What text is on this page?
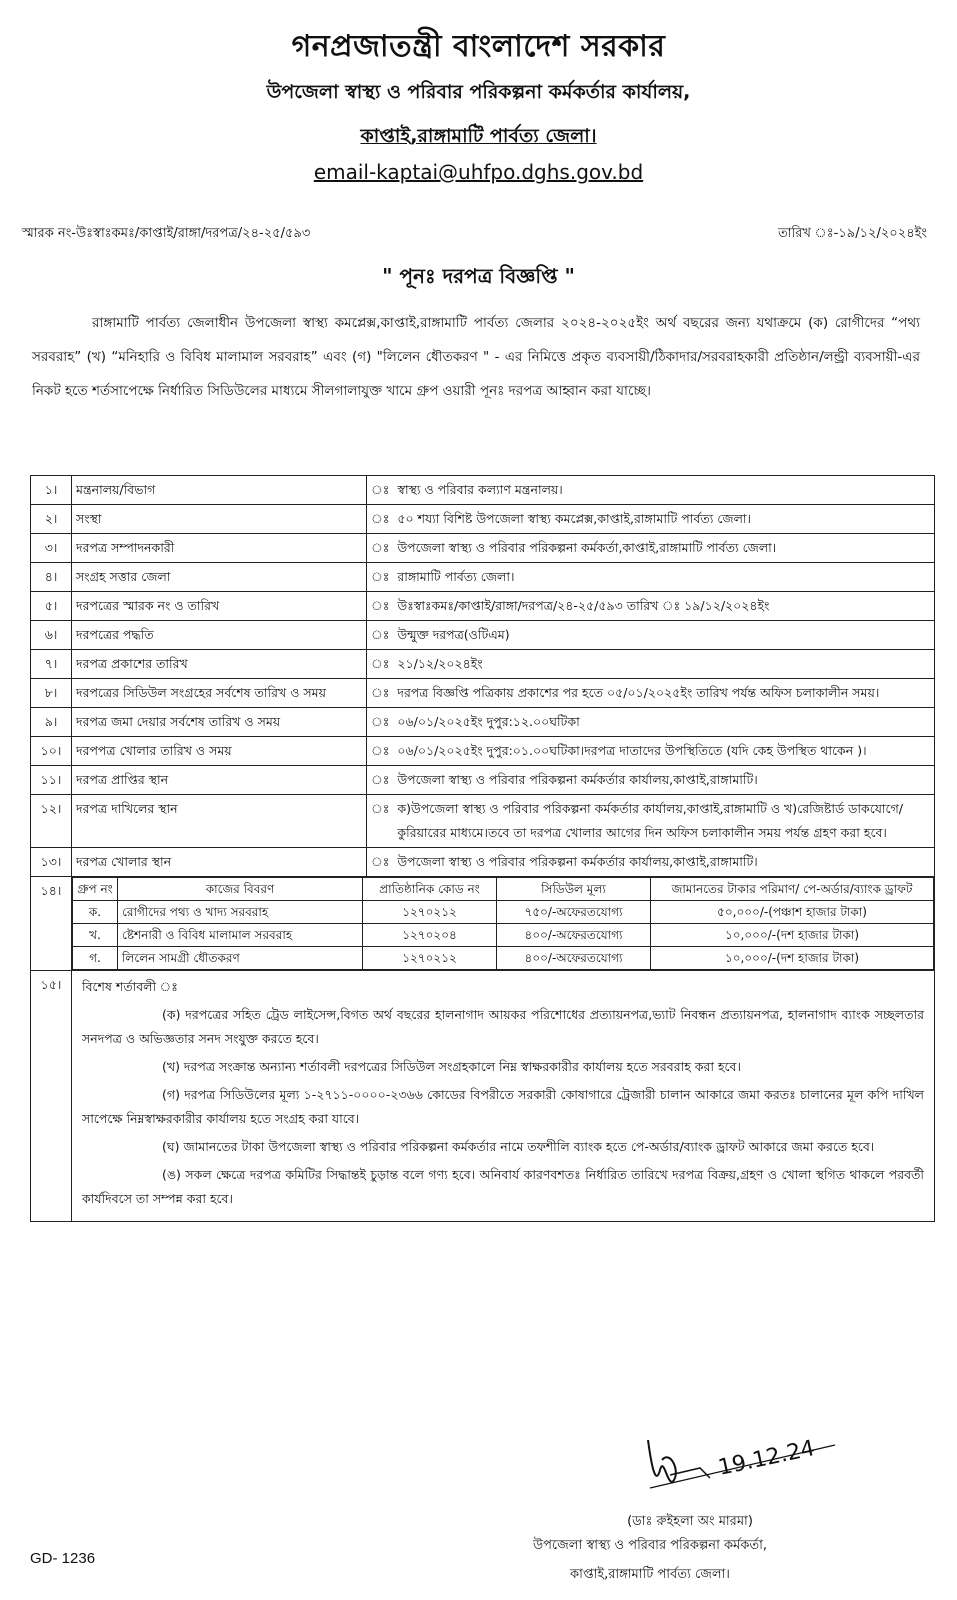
গনপ্রজাতন্ত্রী বাংলাদেশ সরকার
উপজেলা স্বাস্থ্য ও পরিবার পরিকল্পনা কর্মকর্তার কার্যালয়,
কাপ্তাই,রাঙ্গামাটি পার্বত্য জেলা।
email-kaptai@uhfpo.dghs.gov.bd
স্মারক নং-উঃস্বাঃকমঃ/কাপ্তাই/রাঙ্গা/দরপত্র/২৪-২৫/৫৯৩	তারিখ ঃ-১৯/১২/২০২৪ইং
" পূনঃ দরপত্র বিজ্ঞপ্তি "
রাঙ্গামাটি পার্বত্য জেলাধীন উপজেলা স্বাস্থ্য কমপ্লেক্স,কাপ্তাই,রাঙ্গামাটি পার্বত্য জেলার ২০২৪-২০২৫ইং অর্থ বছরের জন্য যথাক্রমে (ক) রোগীদের “পথ্য সরবরাহ” (খ) “মনিহারি ও বিবিধ মালামাল সরবরাহ” এবং (গ) "লিলেন ধৌতকরণ " - এর নিমিত্তে প্রকৃত ব্যবসায়ী/ঠিকাদার/সরবরাহকারী প্রতিষ্ঠান/লন্ড্রী ব্যবসায়ী-এর নিকট হতে শর্তসাপেক্ষে নির্ধারিত সিডিউলের মাধ্যমে সীলগালাযুক্ত খামে গ্রুপ ওয়ারী পূনঃ দরপত্র আহ্বান করা যাচ্ছে।
১।	মন্ত্রনালয়/বিভাগ	ঃ	স্বাস্থ্য ও পরিবার কল্যাণ মন্ত্রনালয়।
২।	সংস্থা	ঃ	৫০ শয্যা বিশিষ্ট উপজেলা স্বাস্থ্য কমপ্লেক্স,কাপ্তাই,রাঙ্গামাটি পার্বত্য জেলা।
৩।	দরপত্র সম্পাদনকারী	ঃ	উপজেলা স্বাস্থ্য ও পরিবার পরিকল্পনা কর্মকর্তা,কাপ্তাই,রাঙ্গামাটি পার্বত্য জেলা।
৪।	সংগ্রহ সত্তার জেলা	ঃ	রাঙ্গামাটি পার্বত্য জেলা।
৫।	দরপত্রের স্মারক নং ও তারিখ	ঃ	উঃস্বাঃকমঃ/কাপ্তাই/রাঙ্গা/দরপত্র/২৪-২৫/৫৯৩ তারিখ ঃ ১৯/১২/২০২৪ইং
৬।	দরপত্রের পদ্ধতি	ঃ	উন্মুক্ত দরপত্র(ওটিএম)
৭।	দরপত্র প্রকাশের তারিখ	ঃ	২১/১২/২০২৪ইং
৮।	দরপত্রের সিডিউল সংগ্রহের সর্বশেষ তারিখ ও সময়	ঃ	দরপত্র বিজ্ঞপ্তি পত্রিকায় প্রকাশের পর হতে ০৫/০১/২০২৫ইং তারিখ পর্যন্ত অফিস চলাকালীন সময়।
৯।	দরপত্র জমা দেয়ার সর্বশেষ তারিখ ও সময়	ঃ	০৬/০১/২০২৫ইং দুপুর:১২.০০ঘটিকা
১০।	দরপপত্র খোলার তারিখ ও সময়	ঃ	০৬/০১/২০২৫ইং দুপুর:০১.০০ঘটিকা।দরপত্র দাতাদের উপস্থিতিতে (যদি কেহ উপস্থিত থাকেন )।
১১।	দরপত্র প্রাপ্তির স্থান	ঃ	উপজেলা স্বাস্থ্য ও পরিবার পরিকল্পনা কর্মকর্তার কার্যালয়,কাপ্তাই,রাঙ্গামাটি।
১২।	দরপত্র দাখিলের স্থান	ঃ	ক)উপজেলা স্বাস্থ্য ও পরিবার পরিকল্পনা কর্মকর্তার কার্যালয়,কাপ্তাই,রাঙ্গামাটি ও খ)রেজিষ্টার্ড ডাকযোগে/কুরিয়ারের মাধ্যমে।তবে তা দরপত্র খোলার আগের দিন অফিস চলাকালীন সময় পর্যন্ত গ্রহণ করা হবে।
১৩।	দরপত্র খোলার স্থান	ঃ	উপজেলা স্বাস্থ্য ও পরিবার পরিকল্পনা কর্মকর্তার কার্যালয়,কাপ্তাই,রাঙ্গামাটি।
১৪।	গ্রুপ নং	কাজের বিবরণ	প্রাতিষ্ঠানিক কোড নং	সিডিউল মূল্য	জামানতের টাকার পরিমাণ/ পে-অর্ডার/ব্যাংক ড্রাফট
ক.	রোগীদের পথ্য ও খাদ্য সরবরাহ	১২৭০২১২	৭৫০/-অফেরতযোগ্য	৫০,০০০/-(পঞ্চাশ হাজার টাকা)
খ.	ষ্টেশনারী ও বিবিধ মালামাল সরবরাহ	১২৭০২০৪	৪০০/-অফেরতযোগ্য	১০,০০০/-(দশ হাজার টাকা)
গ.	লিলেন সামগ্রী ধৌতকরণ	১২৭০২১২	৪০০/-অফেরতযোগ্য	১০,০০০/-(দশ হাজার টাকা)

১৫।	বিশেষ শর্তাবলী ঃ

(ক) দরপত্রের সহিত ট্রেড লাইসেন্স,বিগত অর্থ বছরের হালনাগাদ আয়কর পরিশোধের প্রত্যায়নপত্র,ভ্যাট নিবন্ধন প্রত্যায়নপত্র, হালনাগাদ ব্যাংক সচ্ছলতার সনদপত্র ও অভিজ্ঞতার সনদ সংযুক্ত করতে হবে।

(খ) দরপত্র সংক্রান্ত অন্যান্য শর্তাবলী দরপত্রের সিডিউল সংগ্রহকালে নিম্ন স্বাক্ষরকারীর কার্যালয় হতে সরবরাহ করা হবে।

(গ) দরপত্র সিডিউলের মূল্য ১-২৭১১-০০০০-২৩৬৬ কোডের বিপরীতে সরকারী কোষাগারে ট্রেজারী চালান আকারে জমা করতঃ চালানের মূল কপি দাখিল সাপেক্ষে নিম্নস্বাক্ষরকারীর কার্যালয় হতে সংগ্রহ করা যাবে।

(ঘ) জামানতের টাকা উপজেলা স্বাস্থ্য ও পরিবার পরিকল্পনা কর্মকর্তার নামে তফশীলি ব্যাংক হতে পে-অর্ডার/ব্যাংক ড্রাফট আকারে জমা করতে হবে।

(ঙ) সকল ক্ষেত্রে দরপত্র কমিটির সিদ্ধান্তই চুড়ান্ত বলে গণ্য হবে। অনিবার্য কারণবশতঃ নির্ধারিত তারিখে দরপত্র বিক্রয়,গ্রহণ ও খোলা স্থগিত থাকলে পরবর্তী কার্যদিবসে তা সম্পন্ন করা হবে।

19.12.24
(ডাঃ রুইহলা অং মারমা)
উপজেলা স্বাস্থ্য ও পরিবার পরিকল্পনা কর্মকর্তা,
কাপ্তাই,রাঙ্গামাটি পার্বত্য জেলা।
GD- 1236
